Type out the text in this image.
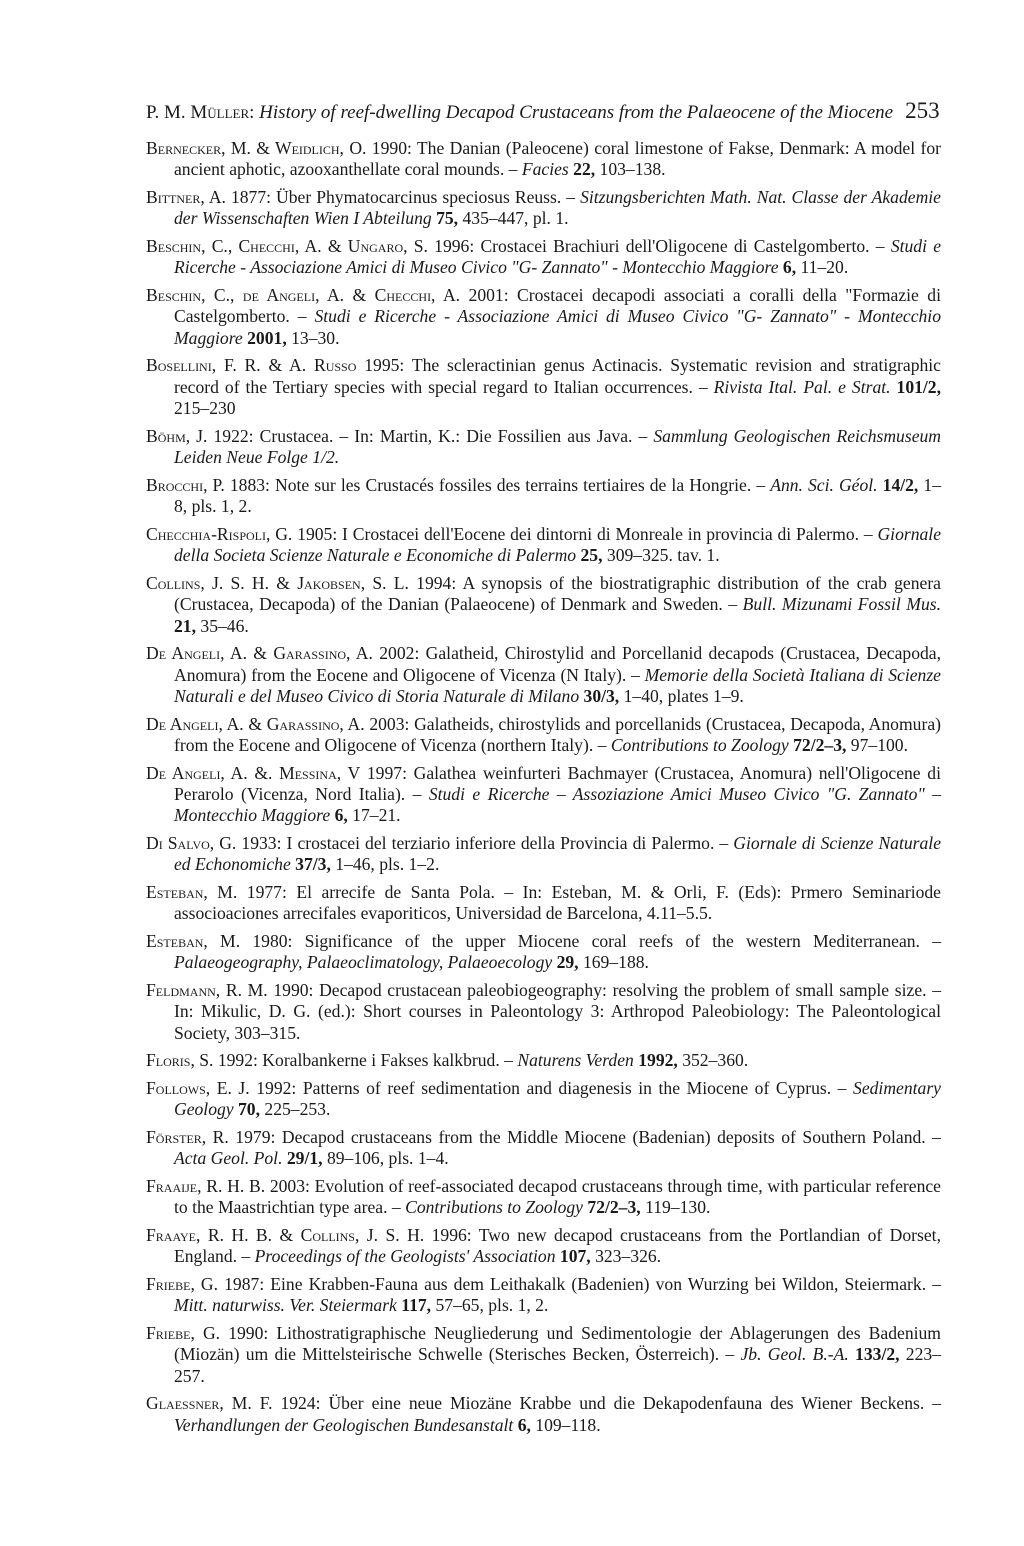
P. M. Müller: History of reef-dwelling Decapod Crustaceans from the Palaeocene of the Miocene 253

Bernecker, M. & Weidlich, O. 1990: The Danian (Paleocene) coral limestone of Fakse, Denmark: A model for ancient aphotic, azooxanthellate coral mounds. – Facies 22, 103–138.

Bittner, A. 1877: Über Phymatocarcinus speciosus Reuss. – Sitzungsberichten Math. Nat. Classe der Akademie der Wissenschaften Wien I Abteilung 75, 435–447, pl. 1.

Beschin, C., Checchi, A. & Ungaro, S. 1996: Crostacei Brachiuri dell'Oligocene di Castelgomberto. – Studi e Ricerche - Associazione Amici di Museo Civico "G- Zannato" - Montecchio Maggiore 6, 11–20.

Beschin, C., de Angeli, A. & Checchi, A. 2001: Crostacei decapodi associati a coralli della "Formazie di Castelgomberto. – Studi e Ricerche - Associazione Amici di Museo Civico "G- Zannato" - Montecchio Maggiore 2001, 13–30.

Bosellini, F. R. & A. Russo 1995: The scleractinian genus Actinacis. Systematic revision and stratigraphic record of the Tertiary species with special regard to Italian occurrences. – Rivista Ital. Pal. e Strat. 101/2, 215–230

Böhm, J. 1922: Crustacea. – In: Martin, K.: Die Fossilien aus Java. – Sammlung Geologischen Reichsmuseum Leiden Neue Folge 1/2.

Brocchi, P. 1883: Note sur les Crustacés fossiles des terrains tertiaires de la Hongrie. – Ann. Sci. Géol. 14/2, 1–8, pls. 1, 2.

Checchia-Rispoli, G. 1905: I Crostacei dell'Eocene dei dintorni di Monreale in provincia di Palermo. – Giornale della Societa Scienze Naturale e Economiche di Palermo 25, 309–325. tav. 1.

Collins, J. S. H. & Jakobsen, S. L. 1994: A synopsis of the biostratigraphic distribution of the crab genera (Crustacea, Decapoda) of the Danian (Palaeocene) of Denmark and Sweden. – Bull. Mizunami Fossil Mus. 21, 35–46.

De Angeli, A. & Garassino, A. 2002: Galatheid, Chirostylid and Porcellanid decapods (Crustacea, Decapoda, Anomura) from the Eocene and Oligocene of Vicenza (N Italy). – Memorie della Società Italiana di Scienze Naturali e del Museo Civico di Storia Naturale di Milano 30/3, 1–40, plates 1–9.

De Angeli, A. & Garassino, A. 2003: Galatheids, chirostylids and porcellanids (Crustacea, Decapoda, Anomura) from the Eocene and Oligocene of Vicenza (northern Italy). – Contributions to Zoology 72/2–3, 97–100.

De Angeli, A. &. Messina, V 1997: Galathea weinfurteri Bachmayer (Crustacea, Anomura) nell'Oligocene di Perarolo (Vicenza, Nord Italia). – Studi e Ricerche – Assoziazione Amici Museo Civico "G. Zannato" – Montecchio Maggiore 6, 17–21.

Di Salvo, G. 1933: I crostacei del terziario inferiore della Provincia di Palermo. – Giornale di Scienze Naturale ed Echonomiche 37/3, 1–46, pls. 1–2.

Esteban, M. 1977: El arrecife de Santa Pola. – In: Esteban, M. & Orli, F. (Eds): Prmero Seminariode associoaciones arrecifales evaporiticos, Universidad de Barcelona, 4.11–5.5.

Esteban, M. 1980: Significance of the upper Miocene coral reefs of the western Mediterranean. – Palaeogeography, Palaeoclimatology, Palaeoecology 29, 169–188.

Feldmann, R. M. 1990: Decapod crustacean paleobiogeography: resolving the problem of small sample size. – In: Mikulic, D. G. (ed.): Short courses in Paleontology 3: Arthropod Paleobiology: The Paleontological Society, 303–315.

Floris, S. 1992: Koralbankerne i Fakses kalkbrud. – Naturens Verden 1992, 352–360.

Follows, E. J. 1992: Patterns of reef sedimentation and diagenesis in the Miocene of Cyprus. – Sedimentary Geology 70, 225–253.

Förster, R. 1979: Decapod crustaceans from the Middle Miocene (Badenian) deposits of Southern Poland. – Acta Geol. Pol. 29/1, 89–106, pls. 1–4.

Fraaije, R. H. B. 2003: Evolution of reef-associated decapod crustaceans through time, with particular reference to the Maastrichtian type area. – Contributions to Zoology 72/2–3, 119–130.

Fraaye, R. H. B. & Collins, J. S. H. 1996: Two new decapod crustaceans from the Portlandian of Dorset, England. – Proceedings of the Geologists' Association 107, 323–326.

Friebe, G. 1987: Eine Krabben-Fauna aus dem Leithakalk (Badenien) von Wurzing bei Wildon, Steiermark. – Mitt. naturwiss. Ver. Steiermark 117, 57–65, pls. 1, 2.

Friebe, G. 1990: Lithostratigraphische Neugliederung und Sedimentologie der Ablagerungen des Badenium (Miozän) um die Mittelsteirische Schwelle (Sterisches Becken, Österreich). – Jb. Geol. B.-A. 133/2, 223–257.

Glaessner, M. F. 1924: Über eine neue Miozäne Krabbe und die Dekapodenfauna des Wiener Beckens. – Verhandlungen der Geologischen Bundesanstalt 6, 109–118.
